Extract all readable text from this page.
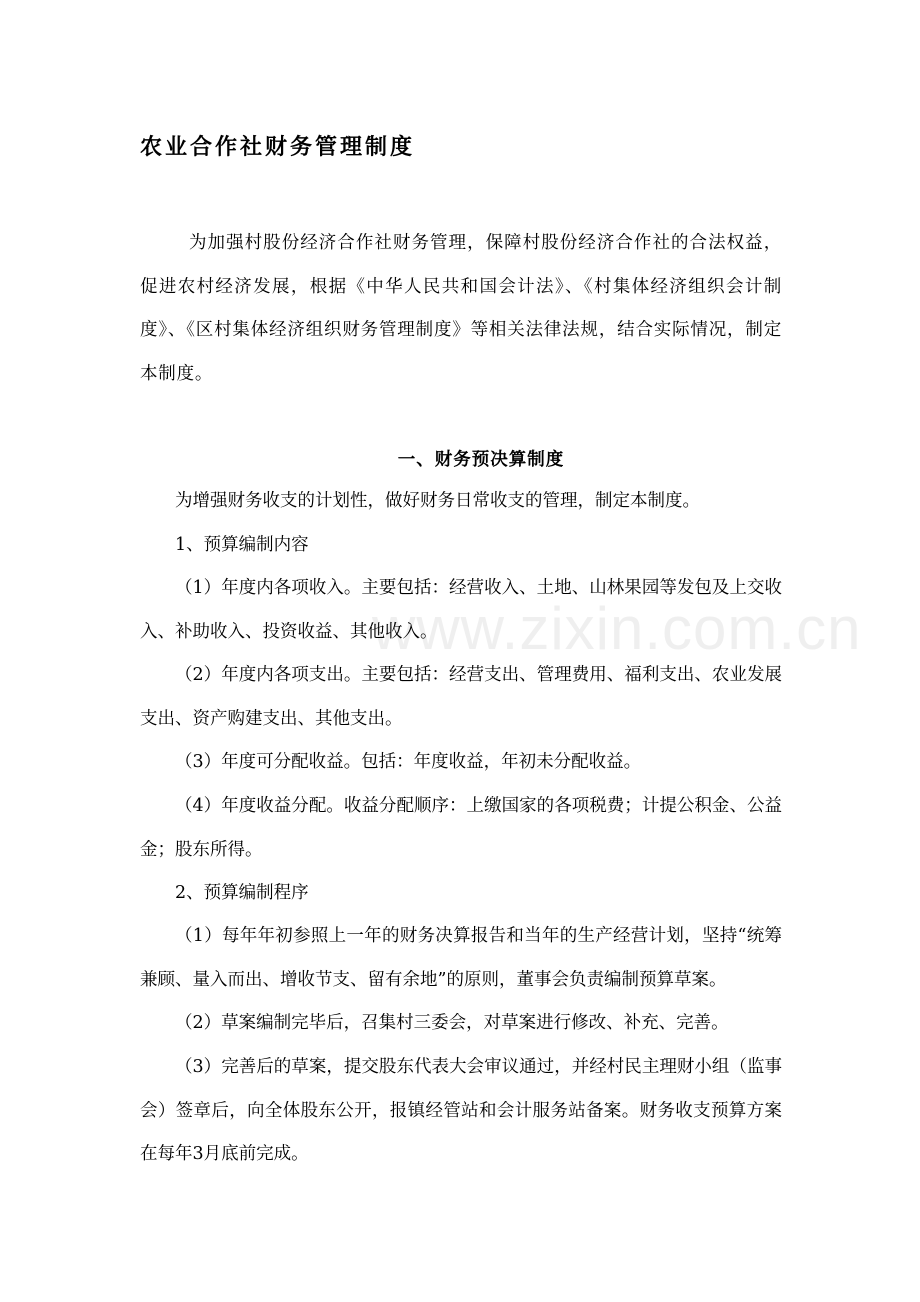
www.zixin.com.cn
农业合作社财务管理制度
为加强村股份经济合作社财务管理，保障村股份经济合作社的合法权益，促进农村经济发展，根据《中华人民共和国会计法》、《村集体经济组织会计制度》、《区村集体经济组织财务管理制度》等相关法律法规，结合实际情况，制定本制度。
一、财务预决算制度
为增强财务收支的计划性，做好财务日常收支的管理，制定本制度。
1、预算编制内容
（1）年度内各项收入。主要包括：经营收入、土地、山林果园等发包及上交收入、补助收入、投资收益、其他收入。
（2）年度内各项支出。主要包括：经营支出、管理费用、福利支出、农业发展支出、资产购建支出、其他支出。
（3）年度可分配收益。包括：年度收益，年初未分配收益。
（4）年度收益分配。收益分配顺序：上缴国家的各项税费；计提公积金、公益金；股东所得。
2、预算编制程序
（1）每年年初参照上一年的财务决算报告和当年的生产经营计划，坚持“统筹兼顾、量入而出、增收节支、留有余地”的原则，董事会负责编制预算草案。
（2）草案编制完毕后，召集村三委会，对草案进行修改、补充、完善。
（3）完善后的草案，提交股东代表大会审议通过，并经村民主理财小组（监事会）签章后，向全体股东公开，报镇经管站和会计服务站备案。财务收支预算方案在每年3月底前完成。
